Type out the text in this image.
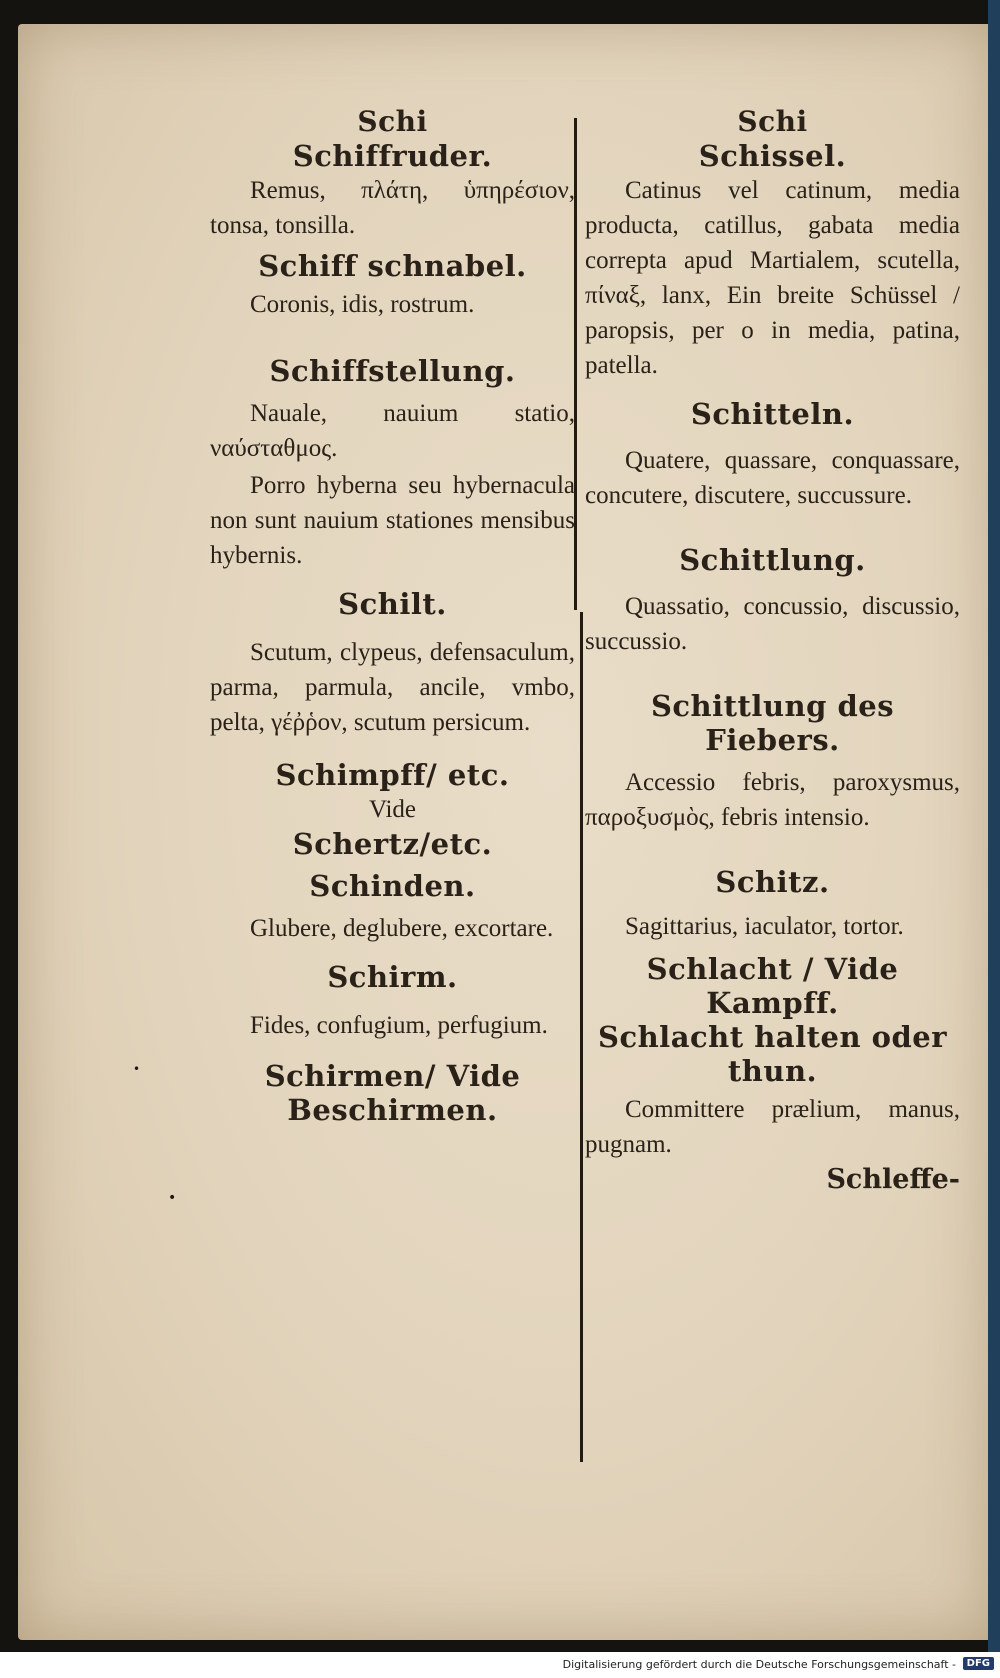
Schi

Schiffruder.

Remus, πλάτη, ὑπηρέσιον, tonsa, tonsilla.

Schiff schnabel.

Coronis, idis, rostrum.

Schiffstellung.

Nauale, nauium statio, ναύσταθμος.

Porro hyberna seu hybernacula non sunt nauium stationes mensibus hybernis.

Schilt.

Scutum, clypeus, defensaculum, parma, parmula, ancile, vmbo, pelta, γέῤῥον, scutum persicum.

Schimpff/ etc.

Vide

Schertz/etc.

Schinden.

Glubere, deglubere, excortare.

Schirm.

Fides, confugium, perfugium.

Schirmen/ Vide

Beschirmen.

Schi

Schissel.

Catinus vel catinum, media producta, catillus, gabata media correpta apud Martialem, scutella, πίναξ, lanx, Ein breite Schüssel / paropsis, per o in media, patina, patella.

Schitteln.

Quatere, quassare, conquassare, concutere, discutere, succussure.

Schittlung.

Quassatio, concussio, discussio, succussio.

Schittlung des

Fiebers.

Accessio febris, paroxysmus, παροξυσμὸς, febris intensio.

Schitz.

Sagittarius, iaculator, tortor.

Schlacht / Vide

Kampff.

Schlacht halten oder

thun.

Committere prælium, manus, pugnam.

Schleffe-

•
•
Digitalisierung gefördert durch die Deutsche Forschungsgemeinschaft -	DFG
